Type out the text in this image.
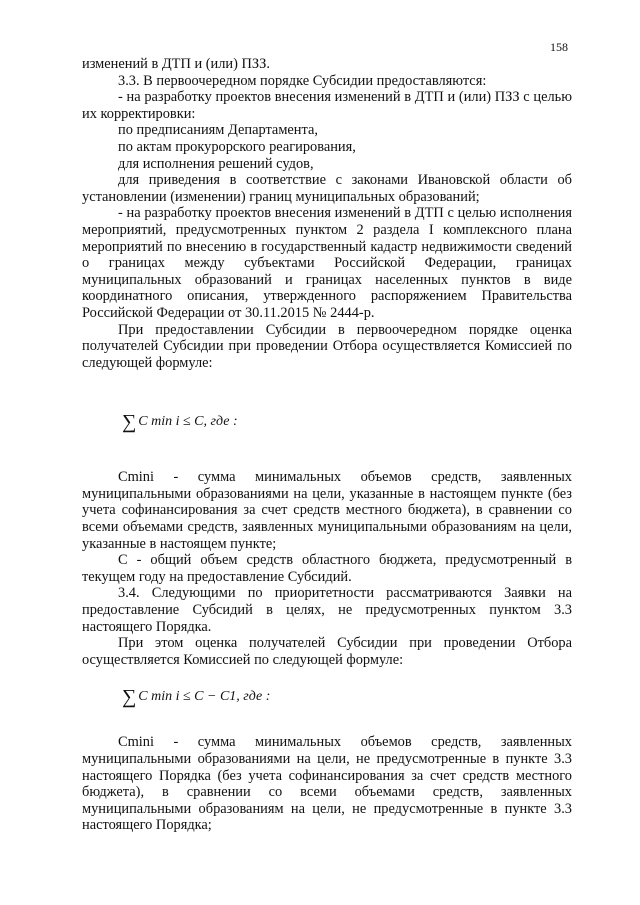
158

изменений в ДТП и (или) ПЗЗ.

3.3. В первоочередном порядке Субсидии предоставляются:

- на разработку проектов внесения изменений в ДТП и (или) ПЗЗ с целью их корректировки:

по предписаниям Департамента,

по актам прокурорского реагирования,

для исполнения решений судов,

для приведения в соответствие с законами Ивановской области об установлении (изменении) границ муниципальных образований;

- на разработку проектов внесения изменений в ДТП с целью исполнения мероприятий, предусмотренных пунктом 2 раздела I комплексного плана мероприятий по внесению в государственный кадастр недвижимости сведений о границах между субъектами Российской Федерации, границах муниципальных образований и границах населенных пунктов в виде координатного описания, утвержденного распоряжением Правительства Российской Федерации от 30.11.2015 № 2444-р.

При предоставлении Субсидии в первоочередном порядке оценка получателей Субсидии при проведении Отбора осуществляется Комиссией по следующей формуле:

∑ C min i ≤ C, где :

Cmini - сумма минимальных объемов средств, заявленных муниципальными образованиями на цели, указанные в настоящем пункте (без учета софинансирования за счет средств местного бюджета), в сравнении со всеми объемами средств, заявленных муниципальными образованиям на цели, указанные в настоящем пункте;

С - общий объем средств областного бюджета, предусмотренный в текущем году на предоставление Субсидий.

3.4. Следующими по приоритетности рассматриваются Заявки на предоставление Субсидий в целях, не предусмотренных пунктом 3.3 настоящего Порядка.

При этом оценка получателей Субсидии при проведении Отбора осуществляется Комиссией по следующей формуле:

∑ C min i ≤ C − C1, где :

Cmini - сумма минимальных объемов средств, заявленных муниципальными образованиями на цели, не предусмотренные в пункте 3.3 настоящего Порядка (без учета софинансирования за счет средств местного бюджета), в сравнении со всеми объемами средств, заявленных муниципальными образованиям на цели, не предусмотренные в пункте 3.3 настоящего Порядка;
